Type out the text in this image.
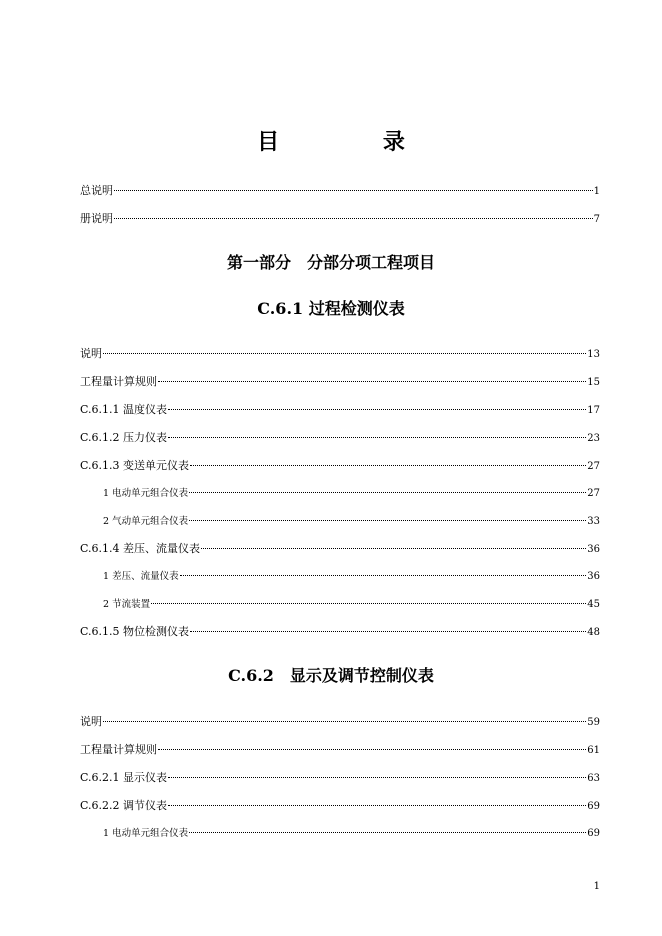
目 录
总说明	1
册说明	7
第一部分　分部分项工程项目
C.6.1 过程检测仪表
说明	13
工程量计算规则	15
C.6.1.1 温度仪表	17
C.6.1.2 压力仪表	23
C.6.1.3 变送单元仪表	27
1 电动单元组合仪表	27
2 气动单元组合仪表	33
C.6.1.4 差压、流量仪表	36
1 差压、流量仪表	36
2 节流装置	45
C.6.1.5 物位检测仪表	48
C.6.2　显示及调节控制仪表
说明	59
工程量计算规则	61
C.6.2.1 显示仪表	63
C.6.2.2 调节仪表	69
1 电动单元组合仪表	69
1
